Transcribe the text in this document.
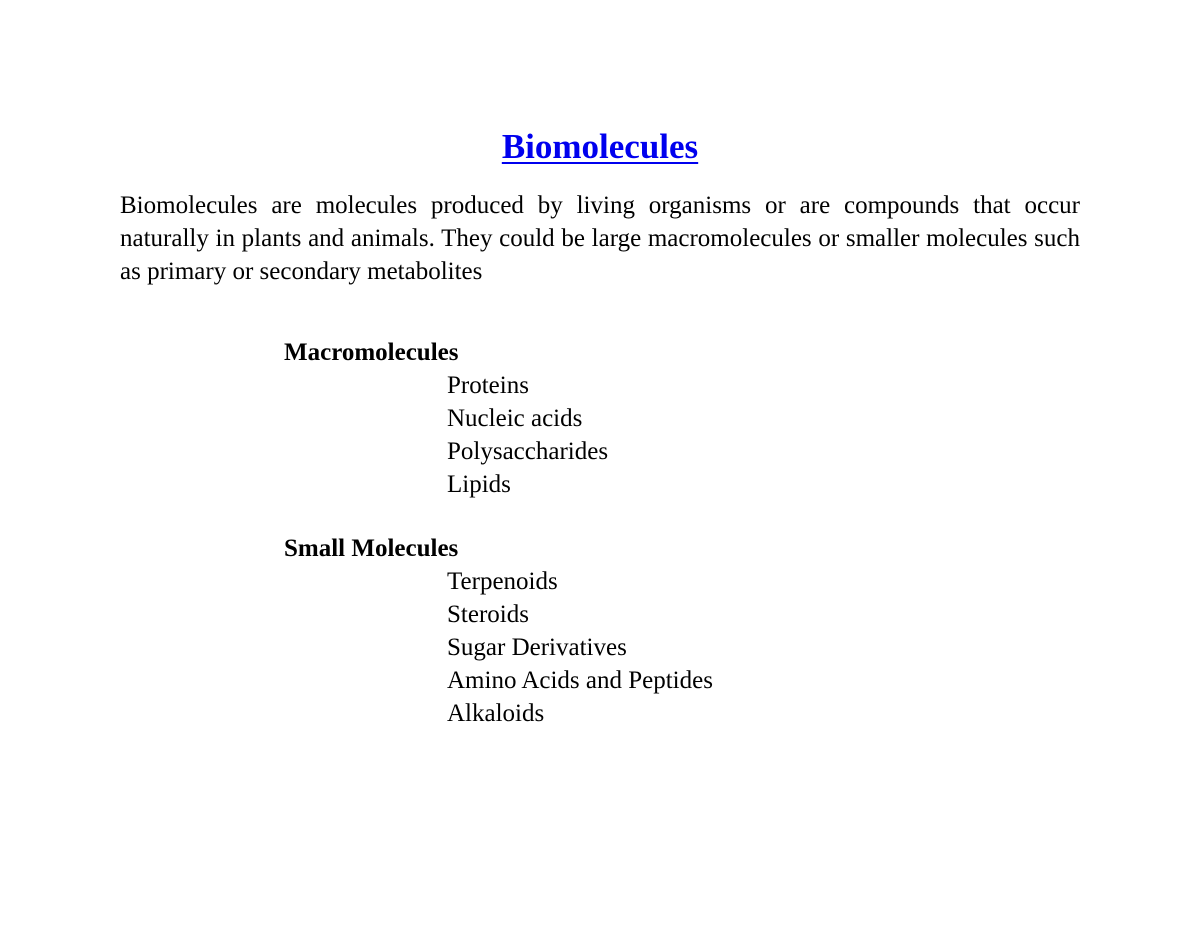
Biomolecules

Biomolecules are molecules produced by living organisms or are compounds that occur naturally in plants and animals. They could be large macromolecules or smaller molecules such as primary or secondary metabolites

Macromolecules

Proteins
Nucleic acids
Polysaccharides
Lipids

Small Molecules

Terpenoids
Steroids
Sugar Derivatives
Amino Acids and Peptides
Alkaloids
